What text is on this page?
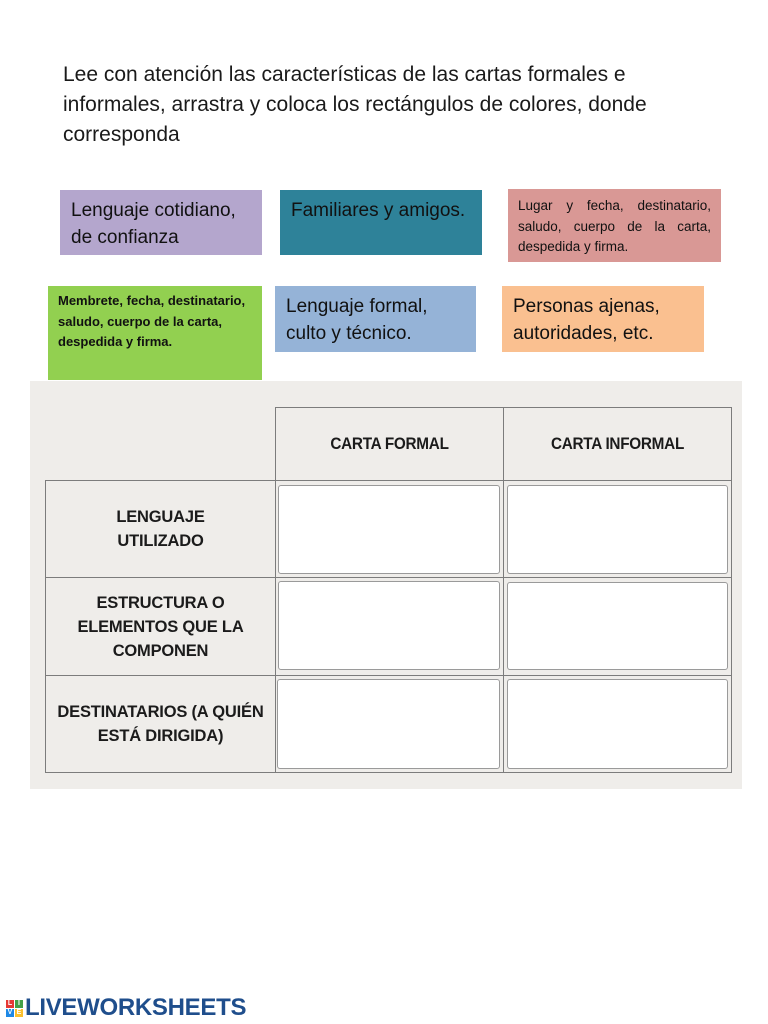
Lee con atención las características de las cartas formales e informales, arrastra y coloca los rectángulos de colores, donde corresponda
Lenguaje cotidiano, de confianza
Familiares y amigos.	Lugar y fecha, destinatario, saludo, cuerpo de la carta, despedida y firma.
Membrete, fecha, destinatario, saludo, cuerpo de la carta, despedida y firma.
Lenguaje formal, culto y técnico.
Personas ajenas, autoridades, etc.
CARTA FORMAL	CARTA INFORMAL
LENGUAJE
UTILIZADO
ESTRUCTURA O
ELEMENTOS QUE LA
COMPONEN
DESTINATARIOS (A QUIÉN
ESTÁ DIRIGIDA)
L I
V E LIVEWORKSHEETS
